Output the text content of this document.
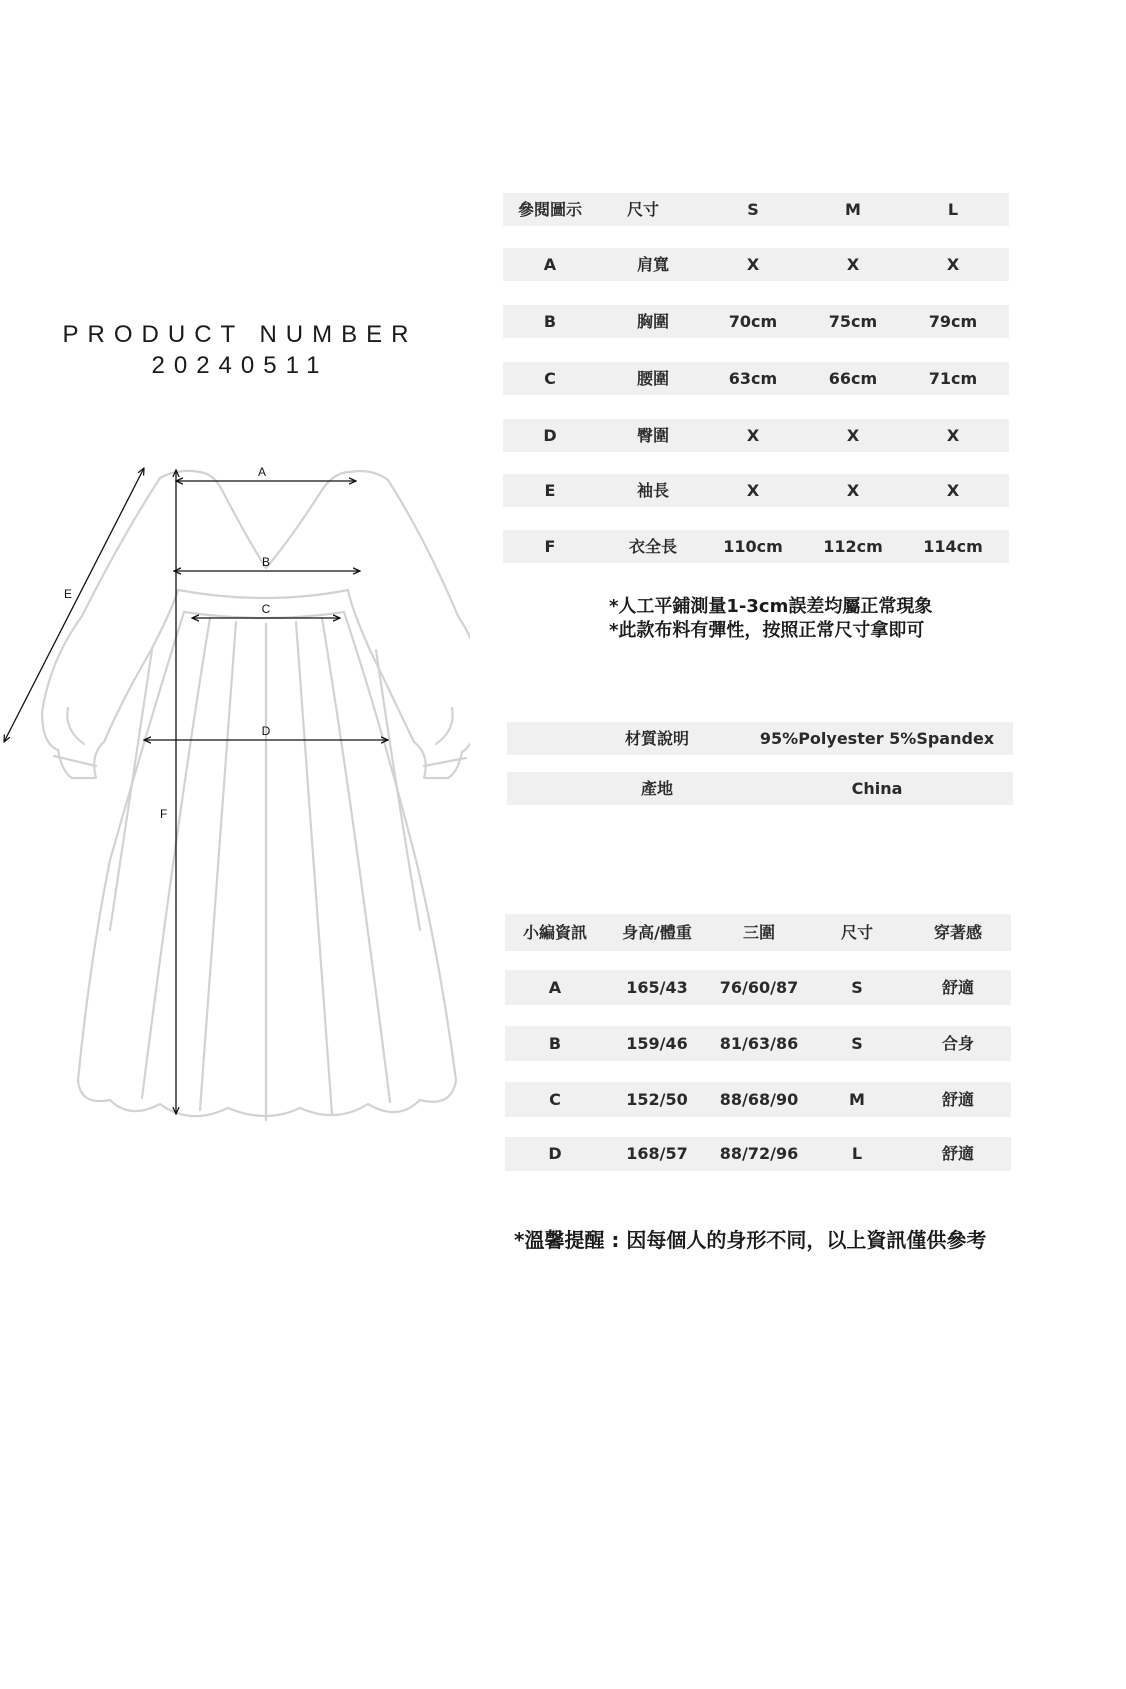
PRODUCT NUMBER
20240511
A
B
C
D
E
F
參閱圖示	尺寸	S	M	L
A	肩寬	X	X	X
B	胸圍	70cm	75cm	79cm
C	腰圍	63cm	66cm	71cm
D	臀圍	X	X	X
E	袖長	X	X	X
F	衣全長	110cm	112cm	114cm
*人工平鋪測量1-3cm誤差均屬正常現象
*此款布料有彈性，按照正常尺寸拿即可
材質說明	95%Polyester 5%Spandex
產地	China
小編資訊	身高/體重	三圍	尺寸	穿著感
A	165/43	76/60/87	S	舒適
B	159/46	81/63/86	S	合身
C	152/50	88/68/90	M	舒適
D	168/57	88/72/96	L	舒適
*溫馨提醒 : 因每個人的身形不同，以上資訊僅供參考
